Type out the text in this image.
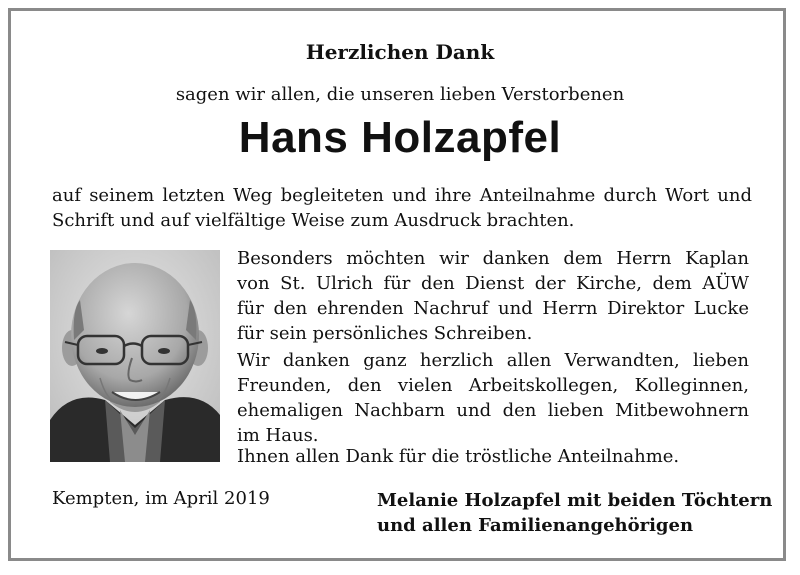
Herzlichen Dank
sagen wir allen, die unseren lieben Verstorbenen
Hans Holzapfel
auf seinem letzten Weg begleiteten und ihre Anteilnahme durch Wort und Schrift und auf vielfältige Weise zum Ausdruck brachten.
Besonders möchten wir danken dem Herrn Kaplan
von St. Ulrich für den Dienst der Kirche, dem AÜW
für den ehrenden Nachruf und Herrn Direktor Lucke

für sein persönliches Schreiben.
Wir danken ganz herzlich allen Verwandten, lieben
Freunden, den vielen Arbeitskollegen, Kolleginnen,
ehemaligen Nachbarn und den lieben Mitbewohnern

im Haus.
Ihnen allen Dank für die tröstliche Anteilnahme.
Kempten, im April 2019	Melanie Holzapfel mit beiden Töchtern
und allen Familienangehörigen
